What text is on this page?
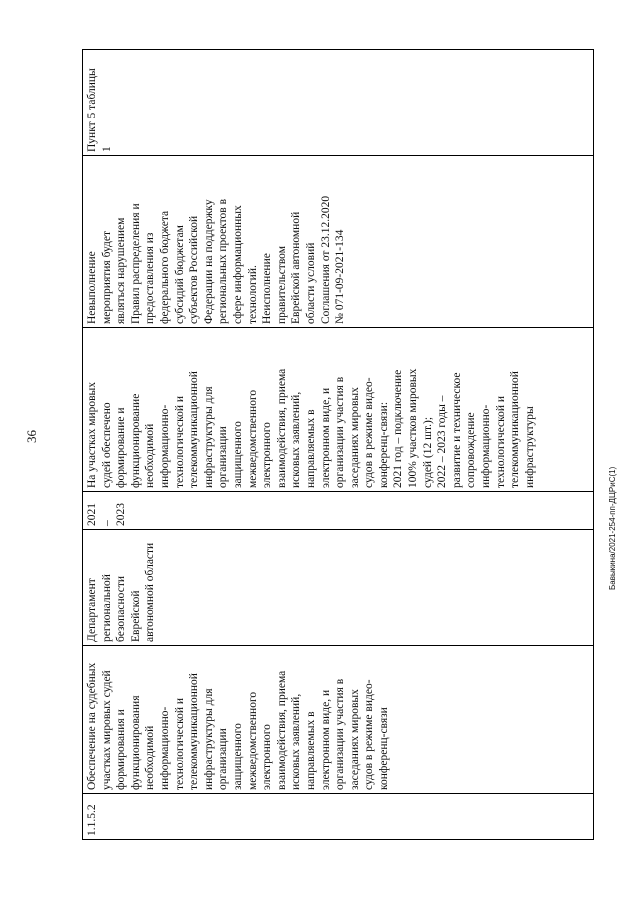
36
Бавыкина/2021-254-пп-ДЦРиС(1)
1.1.5.2

Обеспечение на судебных
участках мировых судей
формирования и
функционирования
необходимой
информационно-
технологической и
телекоммуникационной
инфраструктуры для
организации
защищенного
межведомственного
электронного
взаимодействия, приема
исковых заявлений,
направляемых в
электронном виде, и
организации участия в
заседаниях мировых
судов в режиме видео-
конференц-связи

Департамент
региональной
безопасности Еврейской
автономной области

2021 –
2023

На участках мировых
судей обеспечено
формирование и
функционирование
необходимой
информационно-
технологической и
телекоммуникационной
инфраструктуры для
организации
защищенного
межведомственного
электронного
взаимодействия, приема
исковых заявлений,
направляемых в
электронном виде, и
организации участия в
заседаниях мировых
судов в режиме видео-
конференц-связи:
2021 год – подключение
100% участков мировых
судей (12 шт.);
2022 – 2023 годы –
развитие и техническое
сопровождение
информационно-
технологической и
телекоммуникационной
инфраструктуры

Невыполнение
мероприятия будет
являться нарушением
Правил распределения и
предоставления из
федерального бюджета
субсидий бюджетам
субъектов Российской
Федерации на поддержку
региональных проектов в
сфере информационных
технологий.
Неисполнение
правительством
Еврейской автономной
области условий
Соглашения от 23.12.2020
№ 071-09-2021-134

Пункт 5 таблицы
1
